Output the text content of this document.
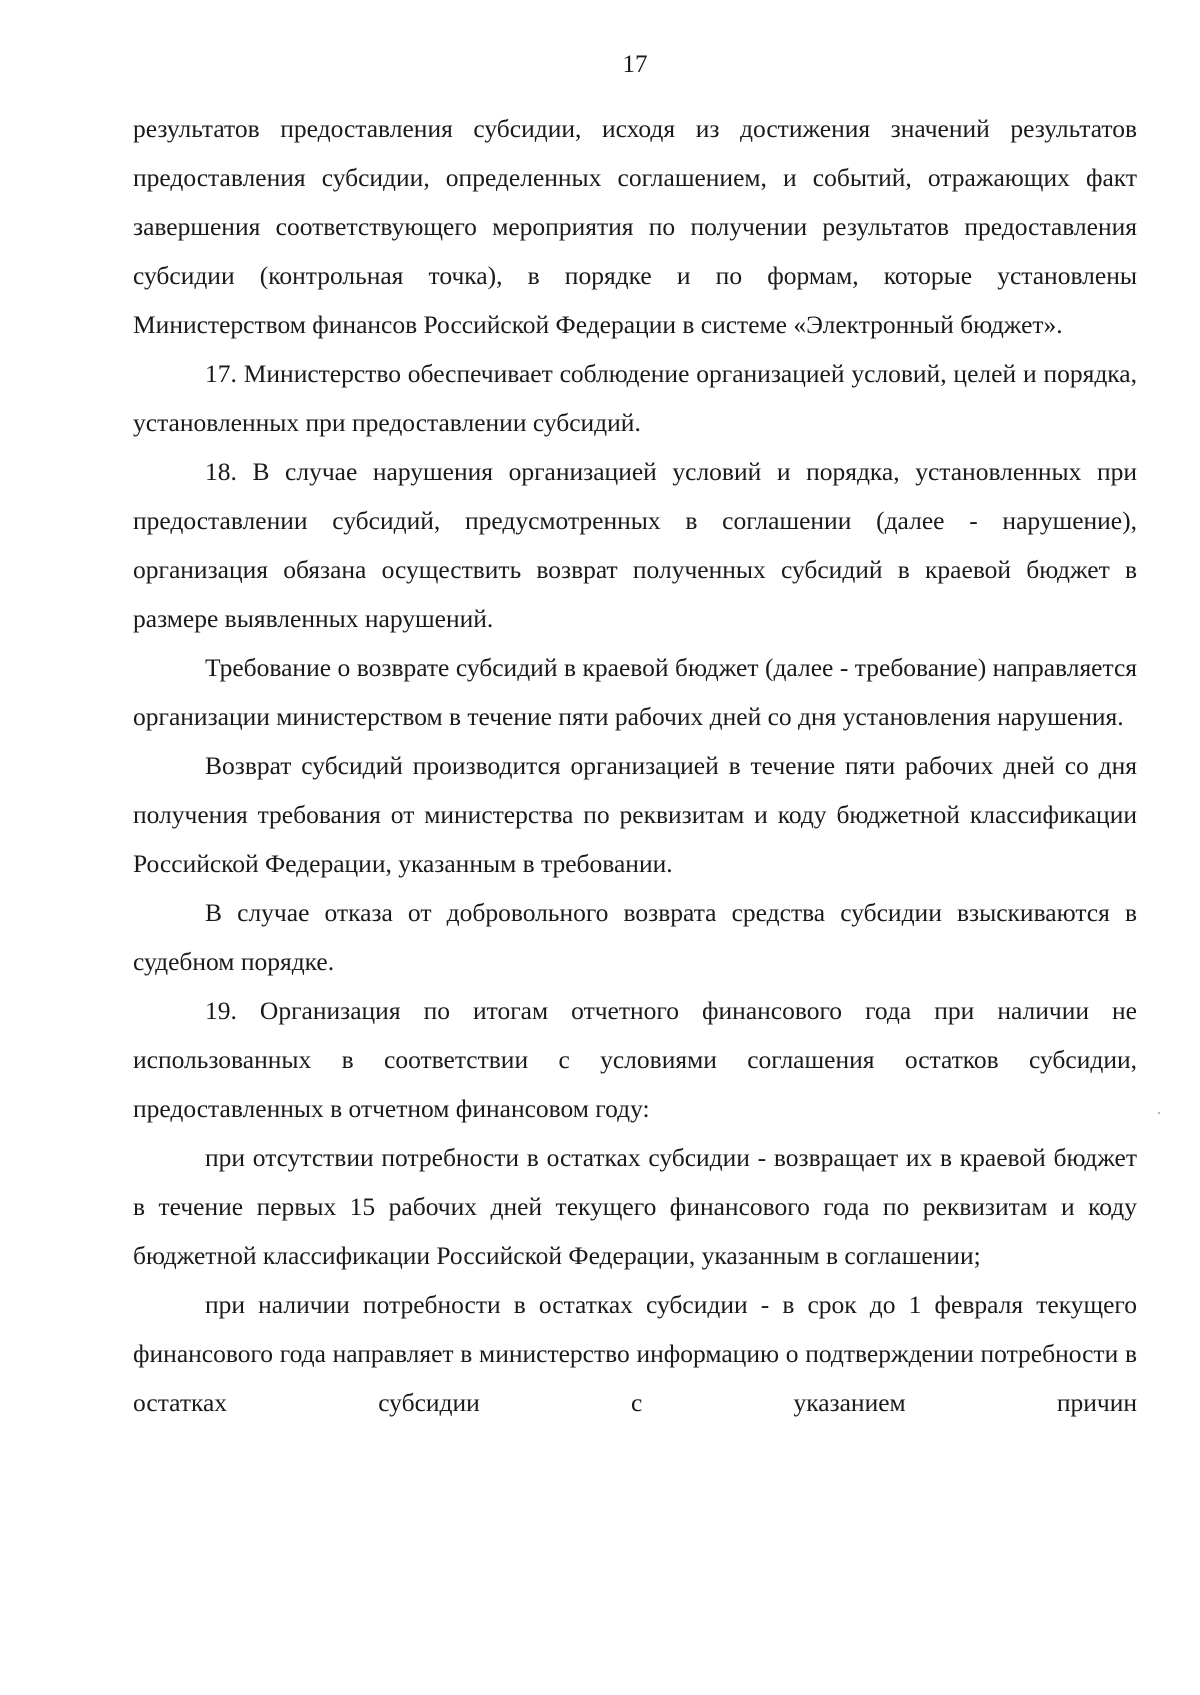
17

результатов предоставления субсидии, исходя из достижения значений результатов предоставления субсидии, определенных соглашением, и событий, отражающих факт завершения соответствующего мероприятия по получении результатов предоставления субсидии (контрольная точка), в порядке и по формам, которые установлены Министерством финансов Российской Федерации в системе «Электронный бюджет».

17. Министерство обеспечивает соблюдение организацией условий, целей и порядка, установленных при предоставлении субсидий.

18. В случае нарушения организацией условий и порядка, установленных при предоставлении субсидий, предусмотренных в соглашении (далее - нарушение), организация обязана осуществить возврат полученных субсидий в краевой бюджет в размере выявленных нарушений.

Требование о возврате субсидий в краевой бюджет (далее - требование) направляется организации министерством в течение пяти рабочих дней со дня установления нарушения.

Возврат субсидий производится организацией в течение пяти рабочих дней со дня получения требования от министерства по реквизитам и коду бюджетной классификации Российской Федерации, указанным в требовании.

В случае отказа от добровольного возврата средства субсидии взыскиваются в судебном порядке.

19. Организация по итогам отчетного финансового года при наличии не использованных в соответствии с условиями соглашения остатков субсидии, предоставленных в отчетном финансовом году:

при отсутствии потребности в остатках субсидии - возвращает их в краевой бюджет в течение первых 15 рабочих дней текущего финансового года по реквизитам и коду бюджетной классификации Российской Федерации, указанным в соглашении;

при наличии потребности в остатках субсидии - в срок до 1 февраля текущего финансового года направляет в министерство информацию о подтверждении потребности в остатках субсидии с указанием причин
